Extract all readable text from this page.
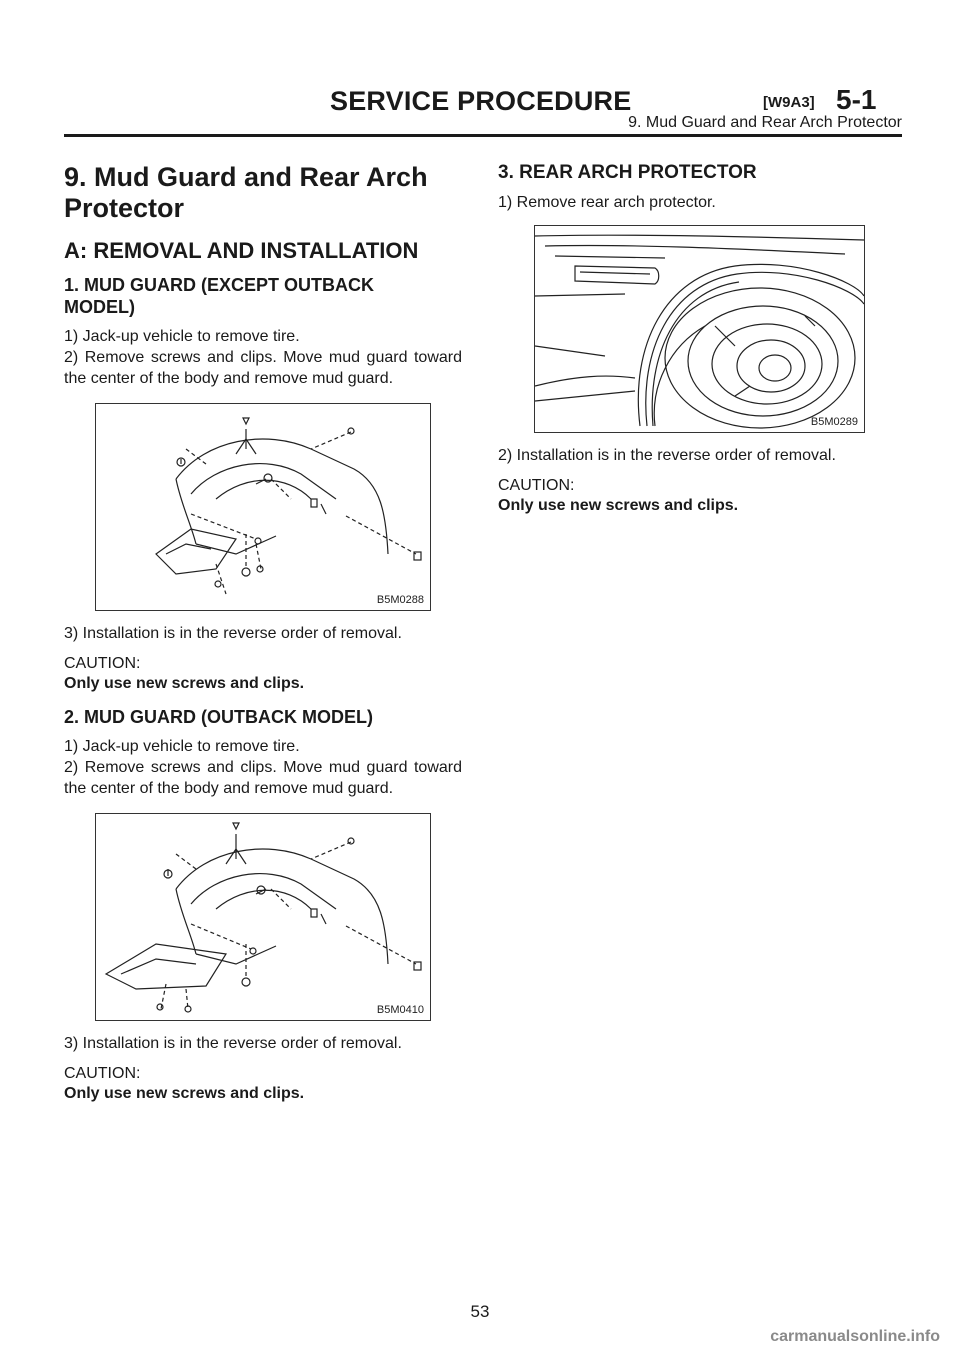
SERVICE PROCEDURE	[W9A3] 5-1
9. Mud Guard and Rear Arch Protector
9. Mud Guard and Rear Arch
Protector
A: REMOVAL AND INSTALLATION
1. MUD GUARD (EXCEPT OUTBACK
MODEL)

1) Jack-up vehicle to remove tire.

2) Remove screws and clips. Move mud guard toward the center of the body and remove mud guard.

B5M0288

3) Installation is in the reverse order of removal.

CAUTION:
Only use new screws and clips.
2. MUD GUARD (OUTBACK MODEL)

1) Jack-up vehicle to remove tire.

2) Remove screws and clips. Move mud guard toward the center of the body and remove mud guard.

B5M0410

3) Installation is in the reverse order of removal.

CAUTION:
Only use new screws and clips.
3. REAR ARCH PROTECTOR

1) Remove rear arch protector.

B5M0289

2) Installation is in the reverse order of removal.

CAUTION:
Only use new screws and clips.
53
carmanualsonline.info
